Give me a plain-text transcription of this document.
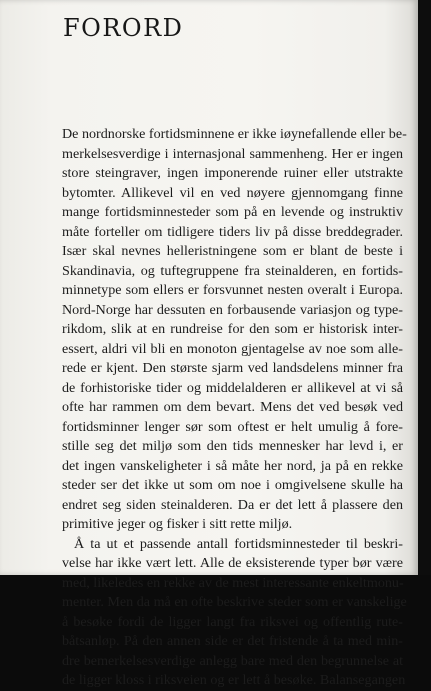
FORORD

De nordnorske fortidsminnene er ikke iøynefallende eller be-
merkelsesverdige i internasjonal sammenheng. Her er ingen
store steingraver, ingen imponerende ruiner eller utstrakte
bytomter. Allikevel vil en ved nøyere gjennomgang finne
mange fortidsminnesteder som på en levende og instruktiv
måte forteller om tidligere tiders liv på disse breddegrader.
Især skal nevnes helleristningene som er blant de beste i
Skandinavia, og tuftegruppene fra steinalderen, en fortids-
minnetype som ellers er forsvunnet nesten overalt i Europa.
Nord-Norge har dessuten en forbausende variasjon og type-
rikdom, slik at en rundreise for den som er historisk inter-
essert, aldri vil bli en monoton gjentagelse av noe som alle-
rede er kjent. Den største sjarm ved landsdelens minner fra
de forhistoriske tider og middelalderen er allikevel at vi så
ofte har rammen om dem bevart. Mens det ved besøk ved
fortidsminner lenger sør som oftest er helt umulig å fore-
stille seg det miljø som den tids mennesker har levd i, er
det ingen vanskeligheter i så måte her nord, ja på en rekke
steder ser det ikke ut som om noe i omgivelsene skulle ha
endret seg siden steinalderen. Da er det lett å plassere den
primitive jeger og fisker i sitt rette miljø.

Å ta ut et passende antall fortidsminnesteder til beskri-
velse har ikke vært lett. Alle de eksisterende typer bør være
med, likeledes en rekke av de mest interessante enkeltmonu-
menter. Men da må en ofte beskrive steder som er vanskelige
å besøke fordi de ligger langt fra riksvei og offentlig rute-
båtsanløp. På den annen side er det fristende å ta med min-
dre bemerkelsesverdige anlegg bare med den begrunnelse at
de ligger kloss i riksveien og er lett å besøke. Balansegangen
